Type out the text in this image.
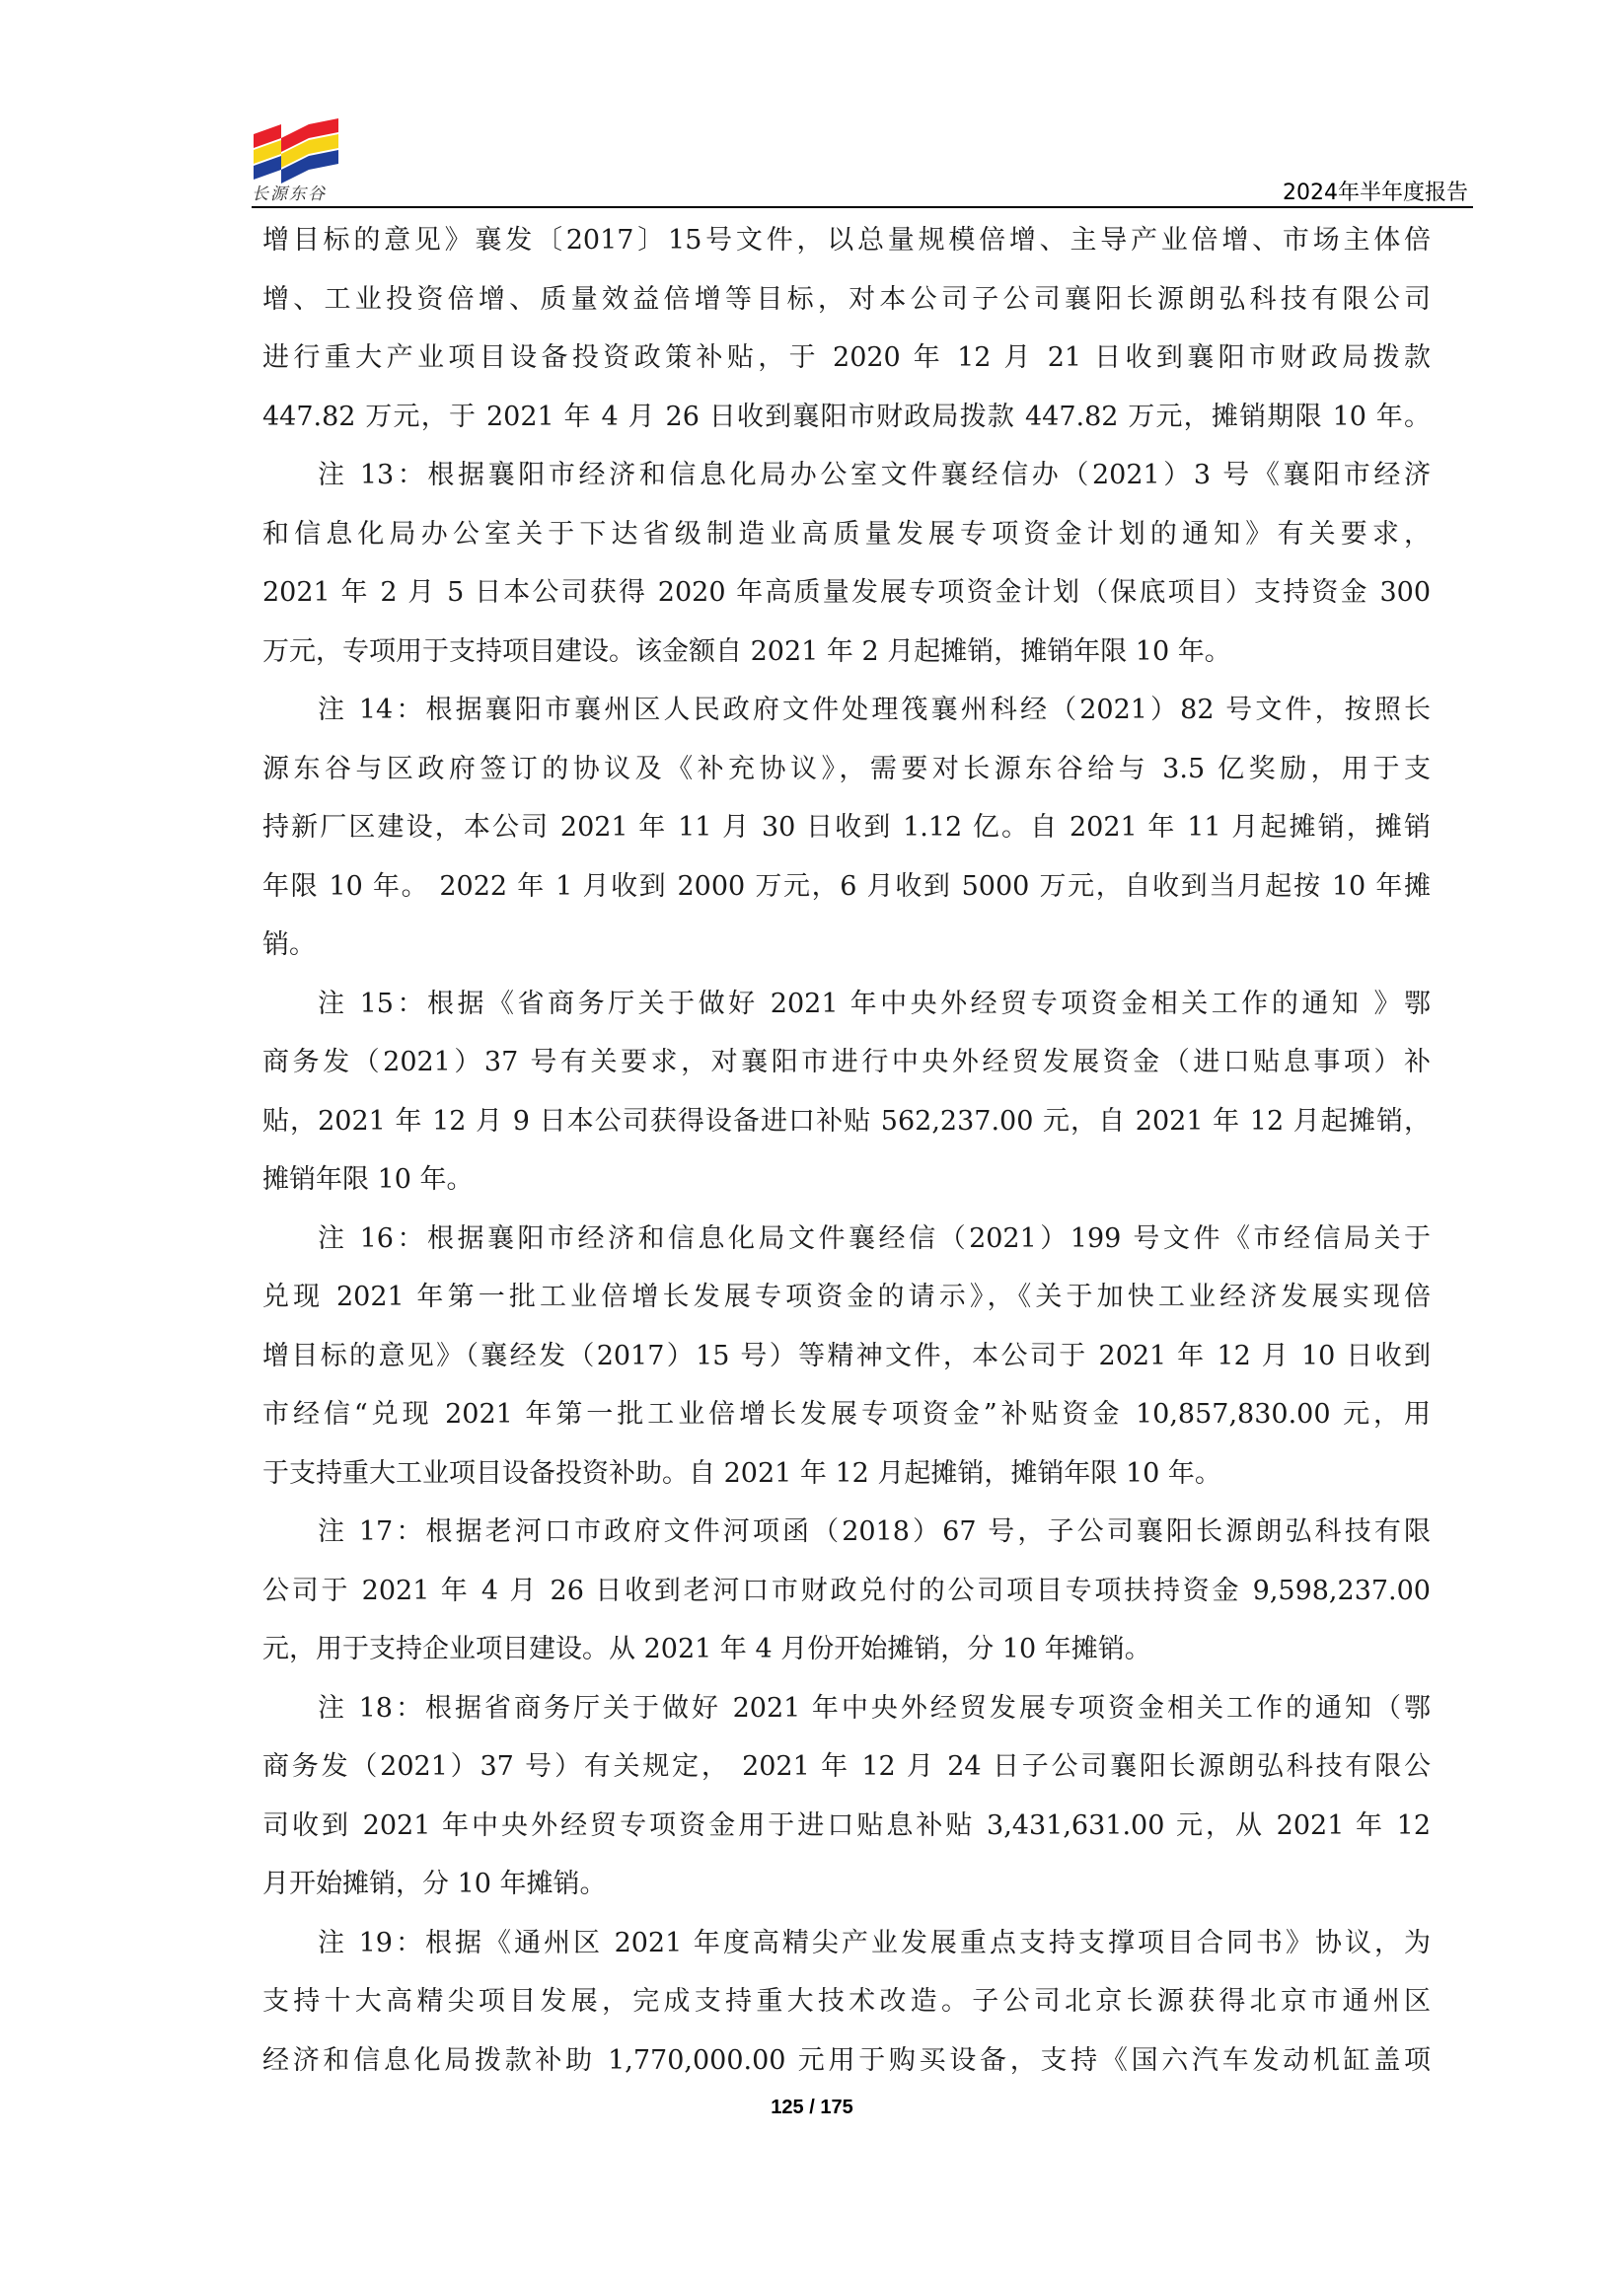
长源东谷	2024年半年度报告
增目标的意见》襄发〔2017〕15号文件，以总量规模倍增、主导产业倍增、市场主体倍
增、工业投资倍增、质量效益倍增等目标，对本公司子公司襄阳长源朗弘科技有限公司
进行重大产业项目设备投资政策补贴，于 2020 年 12 月 21 日收到襄阳市财政局拨款
447.82 万元，于 2021 年 4 月 26 日收到襄阳市财政局拨款 447.82 万元，摊销期限 10 年。
注 13：根据襄阳市经济和信息化局办公室文件襄经信办（2021）3 号《襄阳市经济
和信息化局办公室关于下达省级制造业高质量发展专项资金计划的通知》有关要求，
2021 年 2 月 5 日本公司获得 2020 年高质量发展专项资金计划（保底项目）支持资金 300
万元，专项用于支持项目建设。该金额自 2021 年 2 月起摊销，摊销年限 10 年。
注 14：根据襄阳市襄州区人民政府文件处理筏襄州科经（2021）82 号文件，按照长
源东谷与区政府签订的协议及《补充协议》，需要对长源东谷给与 3.5 亿奖励，用于支
持新厂区建设，本公司 2021 年 11 月 30 日收到 1.12 亿。自 2021 年 11 月起摊销，摊销
年限 10 年。 2022 年 1 月收到 2000 万元，6 月收到 5000 万元，自收到当月起按 10 年摊
销。
注 15：根据《省商务厅关于做好 2021 年中央外经贸专项资金相关工作的通知 》鄂
商务发（2021）37 号有关要求，对襄阳市进行中央外经贸发展资金（进口贴息事项）补
贴，2021 年 12 月 9 日本公司获得设备进口补贴 562,237.00 元，自 2021 年 12 月起摊销，
摊销年限 10 年。
注 16：根据襄阳市经济和信息化局文件襄经信（2021）199 号文件《市经信局关于
兑现 2021 年第一批工业倍增长发展专项资金的请示》，《关于加快工业经济发展实现倍
增目标的意见》（襄经发（2017）15 号）等精神文件，本公司于 2021 年 12 月 10 日收到
市经信“兑现 2021 年第一批工业倍增长发展专项资金”补贴资金 10,857,830.00 元，用
于支持重大工业项目设备投资补助。自 2021 年 12 月起摊销，摊销年限 10 年。
注 17：根据老河口市政府文件河项函（2018）67 号，子公司襄阳长源朗弘科技有限
公司于 2021 年 4 月 26 日收到老河口市财政兑付的公司项目专项扶持资金 9,598,237.00
元，用于支持企业项目建设。从 2021 年 4 月份开始摊销，分 10 年摊销。
注 18：根据省商务厅关于做好 2021 年中央外经贸发展专项资金相关工作的通知（鄂
商务发（2021）37 号）有关规定， 2021 年 12 月 24 日子公司襄阳长源朗弘科技有限公
司收到 2021 年中央外经贸专项资金用于进口贴息补贴 3,431,631.00 元，从 2021 年 12
月开始摊销，分 10 年摊销。
注 19：根据《通州区 2021 年度高精尖产业发展重点支持支撑项目合同书》协议，为
支持十大高精尖项目发展，完成支持重大技术改造。子公司北京长源获得北京市通州区
经济和信息化局拨款补助 1,770,000.00 元用于购买设备，支持《国六汽车发动机缸盖项
125 / 175
